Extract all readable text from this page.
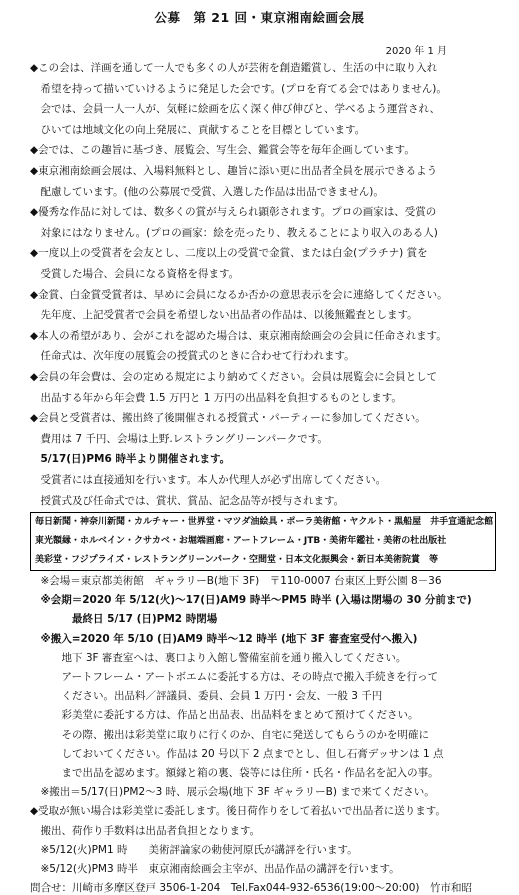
公募　第 21 回・東京湘南絵画会展
2020 年 1 月
◆この会は、洋画を通して一人でも多くの人が芸術を創造鑑賞し、生活の中に取り入れ
　希望を持って描いていけるように発足した会です。(プロを育てる会ではありません)。
　会では、会員一人一人が、気軽に絵画を広く深く伸び伸びと、学べるよう運営され、
　ひいては地域文化の向上発展に、貢献することを目標としています。
◆会では、この趣旨に基づき、展覧会、写生会、鑑賞会等を毎年企画しています。
◆東京湘南絵画会展は、入場料無料とし、趣旨に添い更に出品者全員を展示できるよう
　配慮しています。(他の公募展で受賞、入選した作品は出品できません)。
◆優秀な作品に対しては、数多くの賞が与えられ顕彰されます。プロの画家は、受賞の
　対象にはなりません。(プロの画家：絵を売ったり、教えることにより収入のある人)
◆一度以上の受賞者を会友とし、二度以上の受賞で金賞、または白金(プラチナ) 賞を
　受賞した場合、会員になる資格を得ます。
◆金賞、白金賞受賞者は、早めに会員になるか否かの意思表示を会に連絡してください。
　先年度、上記受賞者で会員を希望しない出品者の作品は、以後無鑑査とします。
◆本人の希望があり、会がこれを認めた場合は、東京湘南絵画会の会員に任命されます。
　任命式は、次年度の展覧会の授賞式のときに合わせて行われます。
◆会員の年会費は、会の定める規定により納めてください。会員は展覧会に会員として
　出品する年から年会費 1.5 万円と 1 万円の出品料を負担するものとします。
◆会員と受賞者は、搬出終了後開催される授賞式・パーティーに参加してください。
　費用は 7 千円、会場は上野.レストラングリーンパークです。
　5/17(日)PM6 時半より開催されます。
　受賞者には直接通知を行います。本人か代理人が必ず出席してください。
　授賞式及び任命式では、賞状、賞品、記念品等が授与されます。
毎日新聞・神奈川新聞・カルチャー・世界堂・マツダ油絵具・ポーラ美術館・ヤクルト・黒船屋　井手宣通記念館
東光額縁・ホルベイン・クサカベ・お堀端画廊・アートフレーム・JTB・美術年鑑社・美術の杜出版社
美彩堂・フジプライズ・レストラングリーンパーク・空間堂・日本文化振興会・新日本美術院賞　等
　※会場＝東京都美術館　ギャラリーB(地下 3F)　〒110-0007 台東区上野公園 8－36
　※会期＝2020 年 5/12(火)～17(日)AM9 時半～PM5 時半 (入場は閉場の 30 分前まで)
　　　　最終日 5/17 (日)PM2 時閉場
　※搬入=2020 年 5/10 (日)AM9 時半～12 時半 (地下 3F 審査室受付へ搬入)
　　　地下 3F 審査室へは、裏口より入館し警備室前を通り搬入してください。
　　　アートフレーム・アートボエムに委託する方は、その時点で搬入手続きを行って
　　　ください。出品料／評議員、委員、会員 1 万円・会友、一般 3 千円
　　　彩美堂に委託する方は、作品と出品表、出品料をまとめて預けてください。
　　　その際、搬出は彩美堂に取りに行くのか、自宅に発送してもらうのかを明確に
　　　しておいてください。作品は 20 号以下 2 点までとし、但し石膏デッサンは 1 点
　　　まで出品を認めます。額縁と箱の裏、袋等には住所・氏名・作品名を記入の事。
　※搬出＝5/17(日)PM2～3 時、展示会場(地下 3F ギャラリーB) まで来てください。
◆受取が無い場合は彩美堂に委託します。後日荷作りをして着払いで出品者に送ります。
　搬出、荷作り手数料は出品者負担となります。
　※5/12(火)PM1 時　　美術評論家の勅使河原氏が講評を行います。
　※5/12(火)PM3 時半　東京湘南絵画会主宰が、出品作品の講評を行います。
問合せ：川崎市多摩区登戸 3506-1-204　Tel.Fax044-932-6536(19:00～20:00)　竹市和昭
